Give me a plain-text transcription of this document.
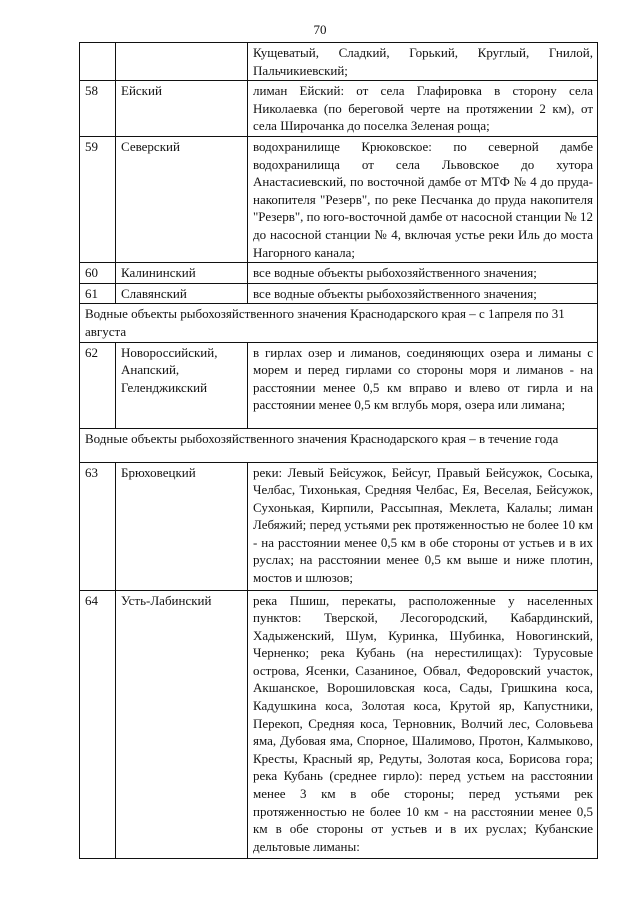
70
		Кущеватый, Сладкий, Горький, Круглый, Гнилой, Пальчикиевский;
58	Ейский	лиман Ейский: от села Глафировка в сторону села Николаевка (по береговой черте на протяжении 2 км), от села Широчанка до поселка Зеленая роща;
59	Северский	водохранилище Крюковское: по северной дамбе водохранилища от села Львовское до хутора Анастасиевский, по восточной дамбе от МТФ № 4 до пруда-накопителя "Резерв", по реке Песчанка до пруда накопителя "Резерв", по юго-восточной дамбе от насосной станции № 12 до насосной станции № 4, включая устье реки Иль до моста Нагорного канала;
60	Калининский	все водные объекты рыбохозяйственного значения;
61	Славянский	все водные объекты рыбохозяйственного значения;
Водные объекты рыбохозяйственного значения Краснодарского края – с 1апреля по 31 августа		
62	Новороссийский, Анапский, Геленджикский	в гирлах озер и лиманов, соединяющих озера и лиманы с морем и перед гирлами со стороны моря и лиманов - на расстоянии менее 0,5 км вправо и влево от гирла и на расстоянии менее 0,5 км вглубь моря, озера или лимана;
Водные объекты рыбохозяйственного значения Краснодарского края – в течение года		
63	Брюховецкий	реки: Левый Бейсужок, Бейсуг, Правый Бейсужок, Сосыка, Челбас, Тихонькая, Средняя Челбас, Ея, Веселая, Бейсужок, Сухонькая, Кирпили, Рассыпная, Меклета, Калалы; лиман Лебяжий; перед устьями рек протяженностью не более 10 км - на расстоянии менее 0,5 км в обе стороны от устьев и в их руслах; на расстоянии менее 0,5 км выше и ниже плотин, мостов и шлюзов;
64	Усть-Лабинский	река Пшиш, перекаты, расположенные у населенных пунктов: Тверской, Лесогородский, Кабардинский, Хадыженский, Шум, Куринка, Шубинка, Новогинский, Черненко; река Кубань (на нерестилищах): Турусовые острова, Ясенки, Сазаниное, Обвал, Федоровский участок, Акшанское, Ворошиловская коса, Сады, Гришкина коса, Кадушкина коса, Золотая коса, Крутой яр, Капустники, Перекоп, Средняя коса, Терновник, Волчий лес, Соловьева яма, Дубовая яма, Спорное, Шалимово, Протон, Калмыково, Кресты, Красный яр, Редуты, Золотая коса, Борисова гора; река Кубань (среднее гирло): перед устьем на расстоянии менее 3 км в обе стороны; перед устьями рек протяженностью не более 10 км - на расстоянии менее 0,5 км в обе стороны от устьев и в их руслах; Кубанские дельтовые лиманы:
